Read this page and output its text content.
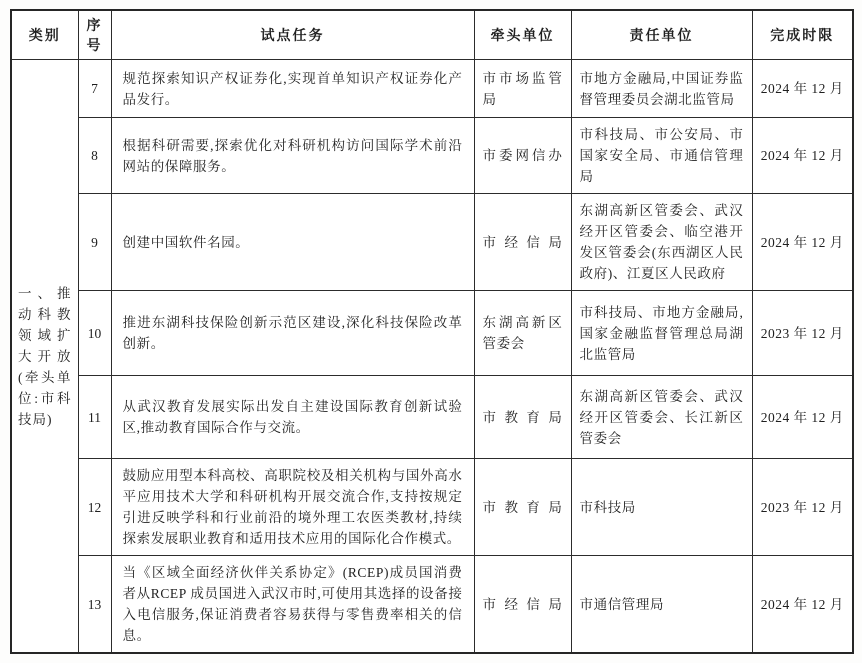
类别	序号	试点任务	牵头单位	责任单位	完成时限
一、推动科教领域扩大开放(牵头单位:市科技局)	7	规范探索知识产权证券化,实现首单知识产权证券化产品发行。	市市场监管局	市地方金融局,中国证券监督管理委员会湖北监管局	2024 年 12 月
	8	根据科研需要,探索优化对科研机构访问国际学术前沿网站的保障服务。	市委网信办	市科技局、市公安局、市国家安全局、市通信管理局	2024 年 12 月
	9	创建中国软件名园。	市经信局	东湖高新区管委会、武汉经开区管委会、临空港开发区管委会(东西湖区人民政府)、江夏区人民政府	2024 年 12 月
	10	推进东湖科技保险创新示范区建设,深化科技保险改革创新。	东湖高新区管委会	市科技局、市地方金融局,国家金融监督管理总局湖北监管局	2023 年 12 月
	11	从武汉教育发展实际出发自主建设国际教育创新试验区,推动教育国际合作与交流。	市教育局	东湖高新区管委会、武汉经开区管委会、长江新区管委会	2024 年 12 月
	12	鼓励应用型本科高校、高职院校及相关机构与国外高水平应用技术大学和科研机构开展交流合作,支持按规定引进反映学科和行业前沿的境外理工农医类教材,持续探索发展职业教育和适用技术应用的国际化合作模式。	市教育局	市科技局	2023 年 12 月
	13	当《区域全面经济伙伴关系协定》(RCEP)成员国消费者从RCEP 成员国进入武汉市时,可使用其选择的设备接入电信服务,保证消费者容易获得与零售费率相关的信息。	市经信局	市通信管理局	2024 年 12 月
